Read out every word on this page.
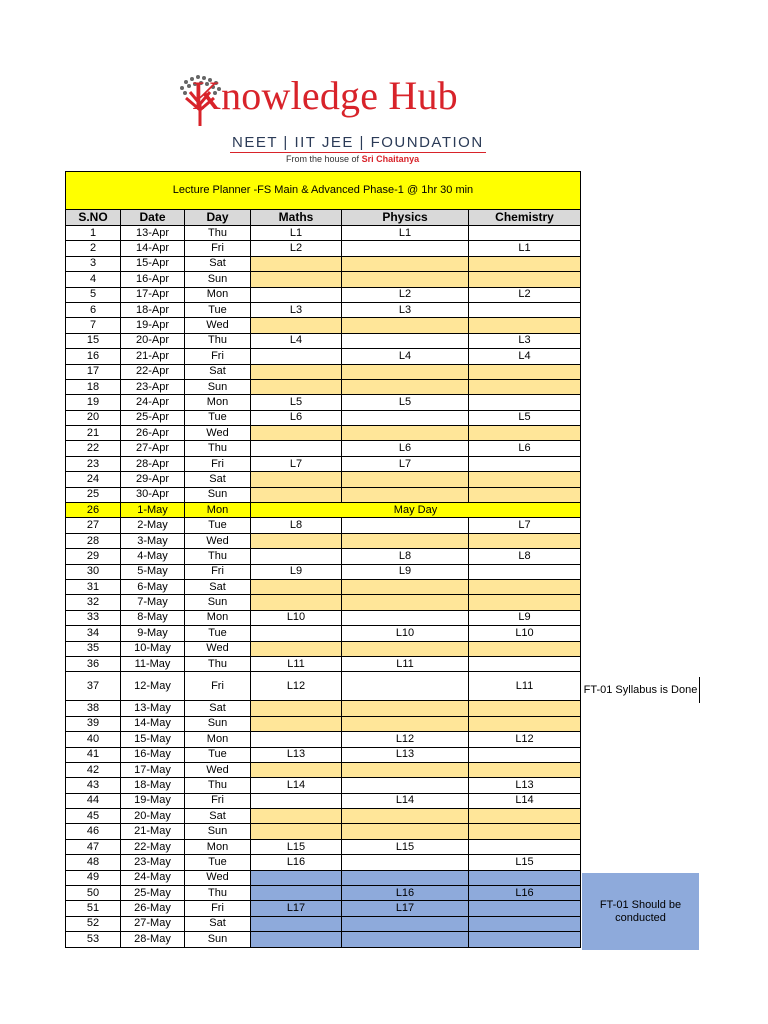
Knowledge Hub
NEET | IIT JEE | FOUNDATION
From the house of Sri Chaitanya
Lecture Planner -FS Main & Advanced Phase-1 @ 1hr 30 min					
S.NO	Date	Day	Maths	Physics	Chemistry
1	13-Apr	Thu	L1	L1	
2	14-Apr	Fri	L2		L1
3	15-Apr	Sat			
4	16-Apr	Sun			
5	17-Apr	Mon		L2	L2
6	18-Apr	Tue	L3	L3	
7	19-Apr	Wed			
15	20-Apr	Thu	L4		L3
16	21-Apr	Fri		L4	L4
17	22-Apr	Sat			
18	23-Apr	Sun			
19	24-Apr	Mon	L5	L5	
20	25-Apr	Tue	L6		L5
21	26-Apr	Wed			
22	27-Apr	Thu		L6	L6
23	28-Apr	Fri	L7	L7	
24	29-Apr	Sat			
25	30-Apr	Sun			
26	1-May	Mon	May Day		
27	2-May	Tue	L8		L7
28	3-May	Wed			
29	4-May	Thu		L8	L8
30	5-May	Fri	L9	L9	
31	6-May	Sat			
32	7-May	Sun			
33	8-May	Mon	L10		L9
34	9-May	Tue		L10	L10
35	10-May	Wed			
36	11-May	Thu	L11	L11	
37	12-May	Fri	L12		L11
38	13-May	Sat			
39	14-May	Sun			
40	15-May	Mon		L12	L12
41	16-May	Tue	L13	L13	
42	17-May	Wed			
43	18-May	Thu	L14		L13
44	19-May	Fri		L14	L14
45	20-May	Sat			
46	21-May	Sun			
47	22-May	Mon	L15	L15	
48	23-May	Tue	L16		L15
49	24-May	Wed			
50	25-May	Thu		L16	L16
51	26-May	Fri	L17	L17	
52	27-May	Sat			
53	28-May	Sun			
FT-01 Syllabus is Done
FT-01 Should be conducted
